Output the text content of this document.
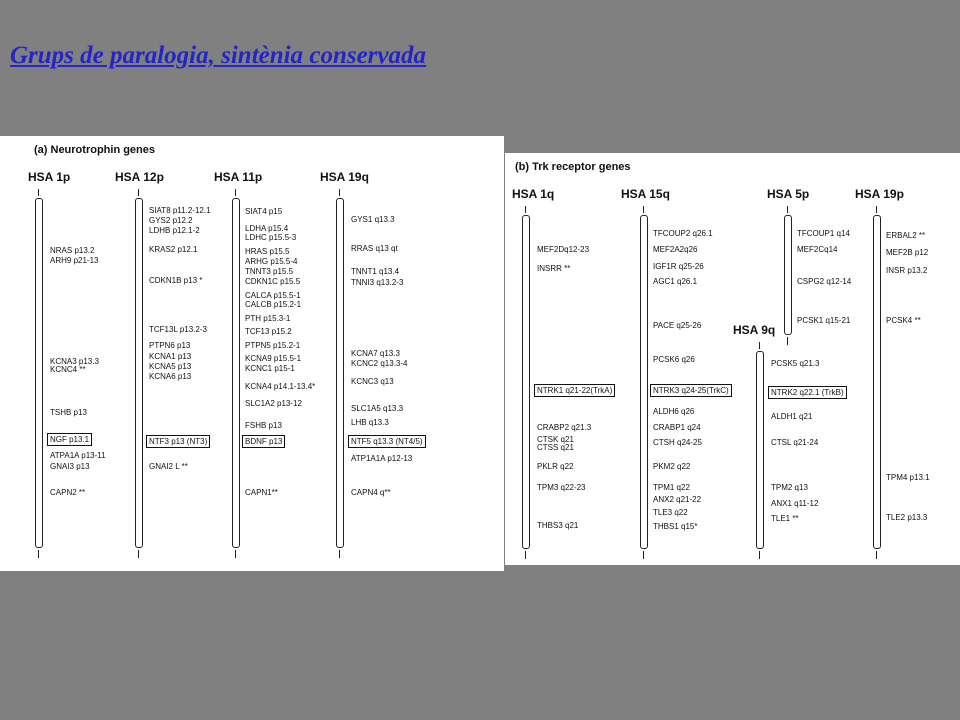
Grups de paralogia, sintènia conservada
(a) Neurotrophin genes
HSA 1p
NRAS p13.2
ARH9 p21-13
KCNA3 p13.3
KCNC4 **
TSHB p13
NGF p13.1
ATPA1A p13-11
GNAI3 p13
CAPN2 **
HSA 12p
SIAT8 p11.2-12.1
GYS2 p12.2
LDHB p12.1-2
KRAS2 p12.1
CDKN1B p13 *
TCF13L p13.2-3
PTPN6 p13
KCNA1 p13
KCNA5 p13
KCNA6 p13
NTF3 p13 (NT3)
GNAI2 L **
HSA 11p
SIAT4 p15
LDHA p15.4
LDHC p15.5-3
HRAS p15.5
ARHG p15.5-4
TNNT3 p15.5
CDKN1C p15.5
CALCA p15.5-1
CALCB p15.2-1
PTH p15.3-1
TCF13 p15.2
PTPN5 p15.2-1
KCNA9 p15.5-1
KCNC1 p15-1
KCNA4 p14.1-13.4*
SLC1A2 p13-12
FSHB p13
BDNF p13
CAPN1**
HSA 19q
GYS1 q13.3
RRAS q13 qt
TNNT1 q13.4
TNNI3 q13.2-3
KCNA7 q13.3
KCNC2 q13.3-4
KCNC3 q13
SLC1A5 q13.3
LHB q13.3
NTF5 q13.3 (NT4/5)
ATP1A1A p12-13
CAPN4 q**
(b) Trk receptor genes
HSA 1q
MEF2Dq12-23
INSRR **
NTRK1 q21-22(TrkA)
CRABP2 q21.3
CTSK q21
CTSS q21
PKLR q22
TPM3 q22-23
THBS3 q21
HSA 15q
TFCOUP2 q26.1
MEF2A2q26
IGF1R q25-26
AGC1 q26.1
PACE q25-26
PCSK6 q26
NTRK3 q24-25(TrkC)
ALDH6 q26
CRABP1 q24
CTSH q24-25
PKM2 q22
TPM1 q22
ANX2 q21-22
TLE3 q22
THBS1 q15*
HSA 5p
TFCOUP1 q14
MEF2Cq14
CSPG2 q12-14
PCSK1 q15-21
HSA 9q
PCSK5 q21.3
NTRK2 q22.1 (TrkB)
ALDH1 q21
CTSL q21-24
TPM2 q13
ANX1 q11-12
TLE1 **
HSA 19p
ERBAL2 **
MEF2B p12
INSR p13.2
PCSK4 **
TPM4 p13.1
TLE2 p13.3
